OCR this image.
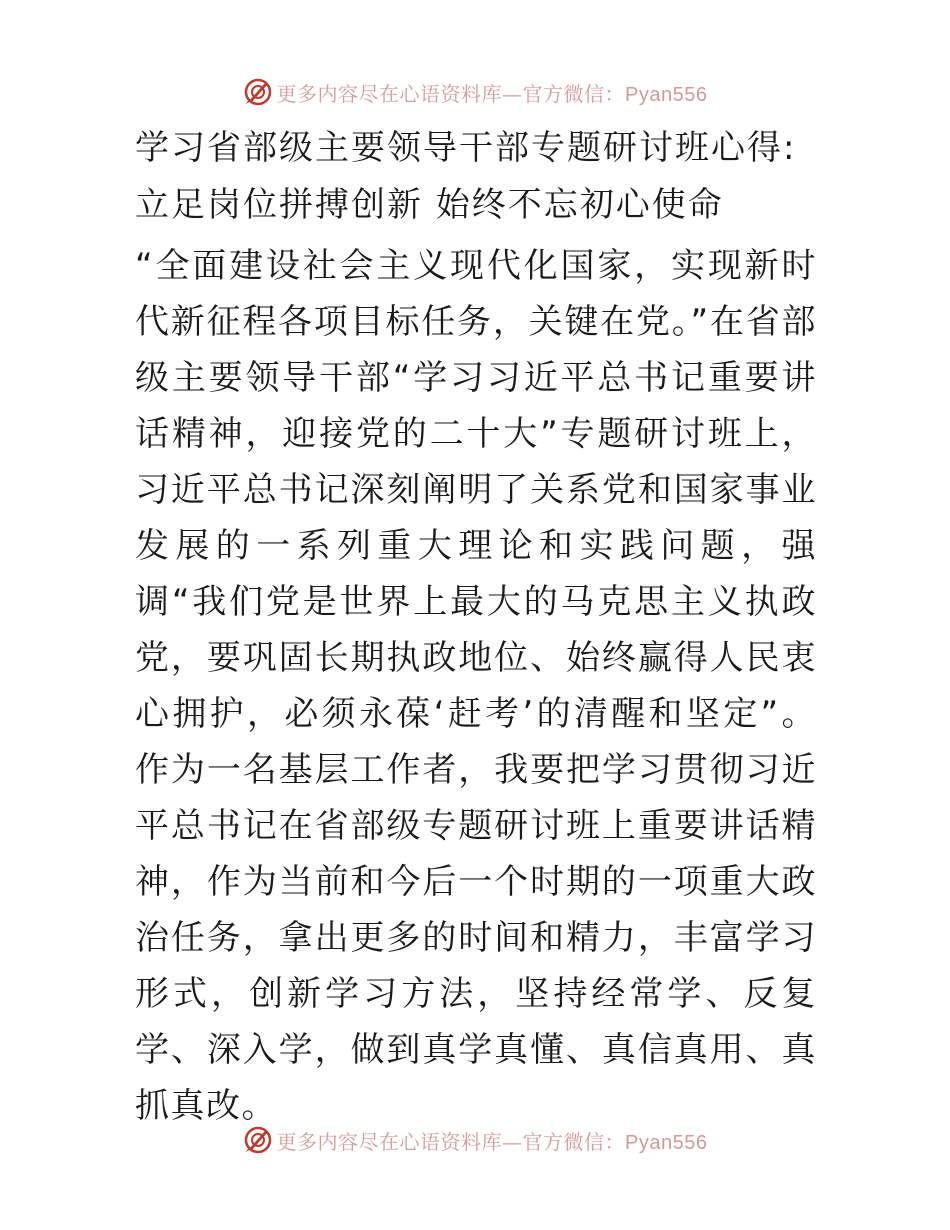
更多内容尽在心语资料库—官方微信：Pyan556
学习省部级主要领导干部专题研讨班心得:
立足岗位拼搏创新 始终不忘初心使命
“全面建设社会主义现代化国家，实现新时代新征程各项目标任务，关键在党。”在省部级主要领导干部“学习习近平总书记重要讲话精神，迎接党的二十大”专题研讨班上，习近平总书记深刻阐明了关系党和国家事业发展的一系列重大理论和实践问题，强调“我们党是世界上最大的马克思主义执政党，要巩固长期执政地位、始终赢得人民衷心拥护，必须永葆‘赶考’的清醒和坚定”。作为一名基层工作者，我要把学习贯彻习近平总书记在省部级专题研讨班上重要讲话精神，作为当前和今后一个时期的一项重大政治任务，拿出更多的时间和精力，丰富学习形式，创新学习方法，坚持经常学、反复学、深入学，做到真学真懂、真信真用、真抓真改。
更多内容尽在心语资料库—官方微信：Pyan556
